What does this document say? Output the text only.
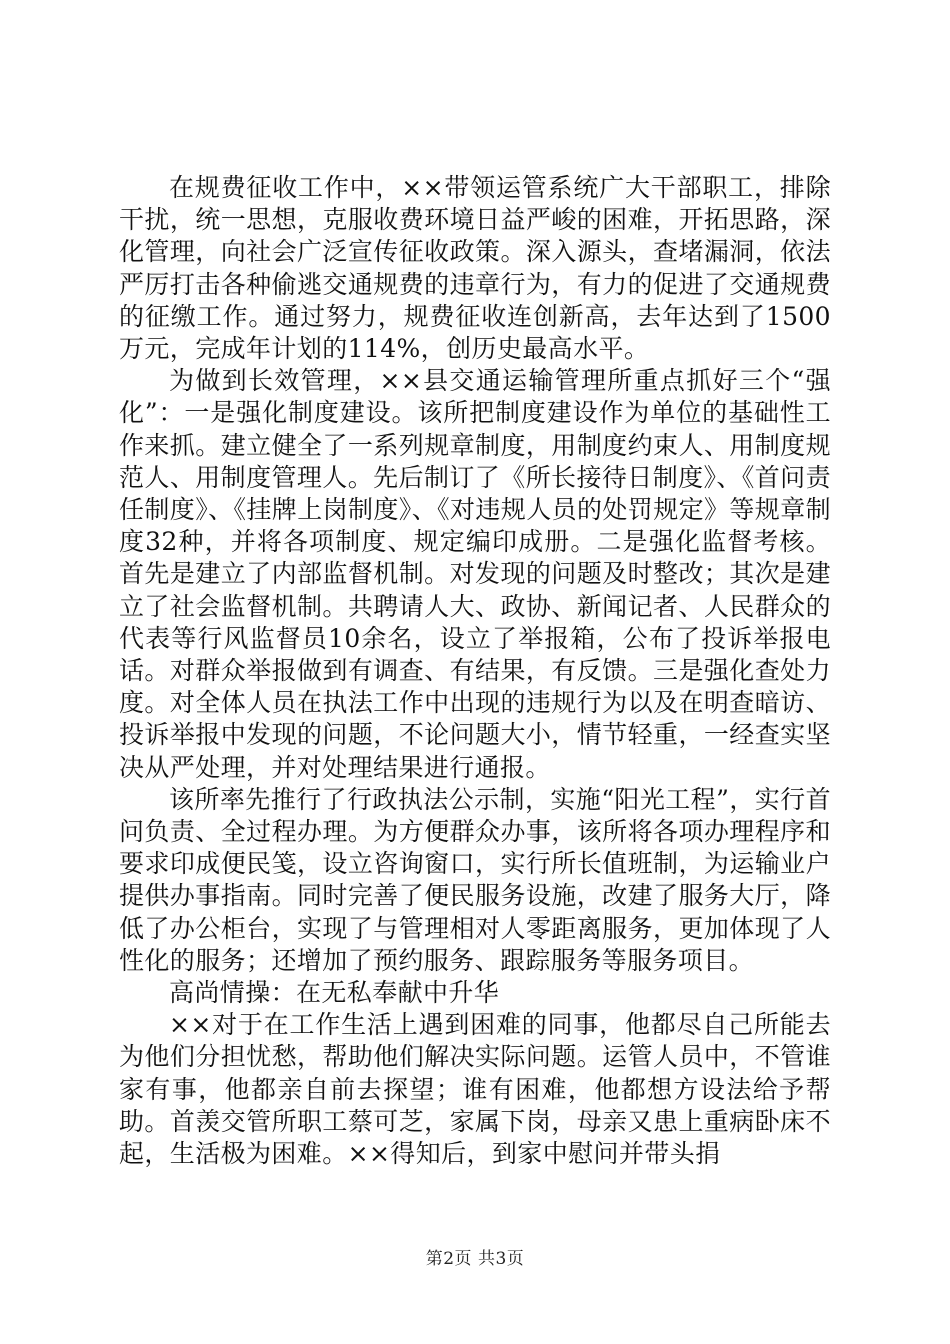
在规费征收工作中，××带领运管系统广大干部职工，排除干扰，统一思想，克服收费环境日益严峻的困难，开拓思路，深化管理，向社会广泛宣传征收政策。深入源头，查堵漏洞，依法严厉打击各种偷逃交通规费的违章行为，有力的促进了交通规费的征缴工作。通过努力，规费征收连创新高，去年达到了1500万元，完成年计划的114%，创历史最高水平。

为做到长效管理，××县交通运输管理所重点抓好三个“强化”：一是强化制度建设。该所把制度建设作为单位的基础性工作来抓。建立健全了一系列规章制度，用制度约束人、用制度规范人、用制度管理人。先后制订了《所长接待日制度》、《首问责任制度》、《挂牌上岗制度》、《对违规人员的处罚规定》等规章制度32种，并将各项制度、规定编印成册。二是强化监督考核。首先是建立了内部监督机制。对发现的问题及时整改；其次是建立了社会监督机制。共聘请人大、政协、新闻记者、人民群众的代表等行风监督员10余名，设立了举报箱，公布了投诉举报电话。对群众举报做到有调查、有结果，有反馈。三是强化查处力度。对全体人员在执法工作中出现的违规行为以及在明查暗访、投诉举报中发现的问题，不论问题大小，情节轻重，一经查实坚决从严处理，并对处理结果进行通报。

该所率先推行了行政执法公示制，实施“阳光工程”，实行首问负责、全过程办理。为方便群众办事，该所将各项办理程序和要求印成便民笺，设立咨询窗口，实行所长值班制，为运输业户提供办事指南。同时完善了便民服务设施，改建了服务大厅，降低了办公柜台，实现了与管理相对人零距离服务，更加体现了人性化的服务；还增加了预约服务、跟踪服务等服务项目。

高尚情操：在无私奉献中升华

××对于在工作生活上遇到困难的同事，他都尽自己所能去为他们分担忧愁，帮助他们解决实际问题。运管人员中，不管谁家有事，他都亲自前去探望；谁有困难，他都想方设法给予帮助。首羡交管所职工蔡可芝，家属下岗，母亲又患上重病卧床不起，生活极为困难。××得知后，到家中慰问并带头捐

第2页 共3页
